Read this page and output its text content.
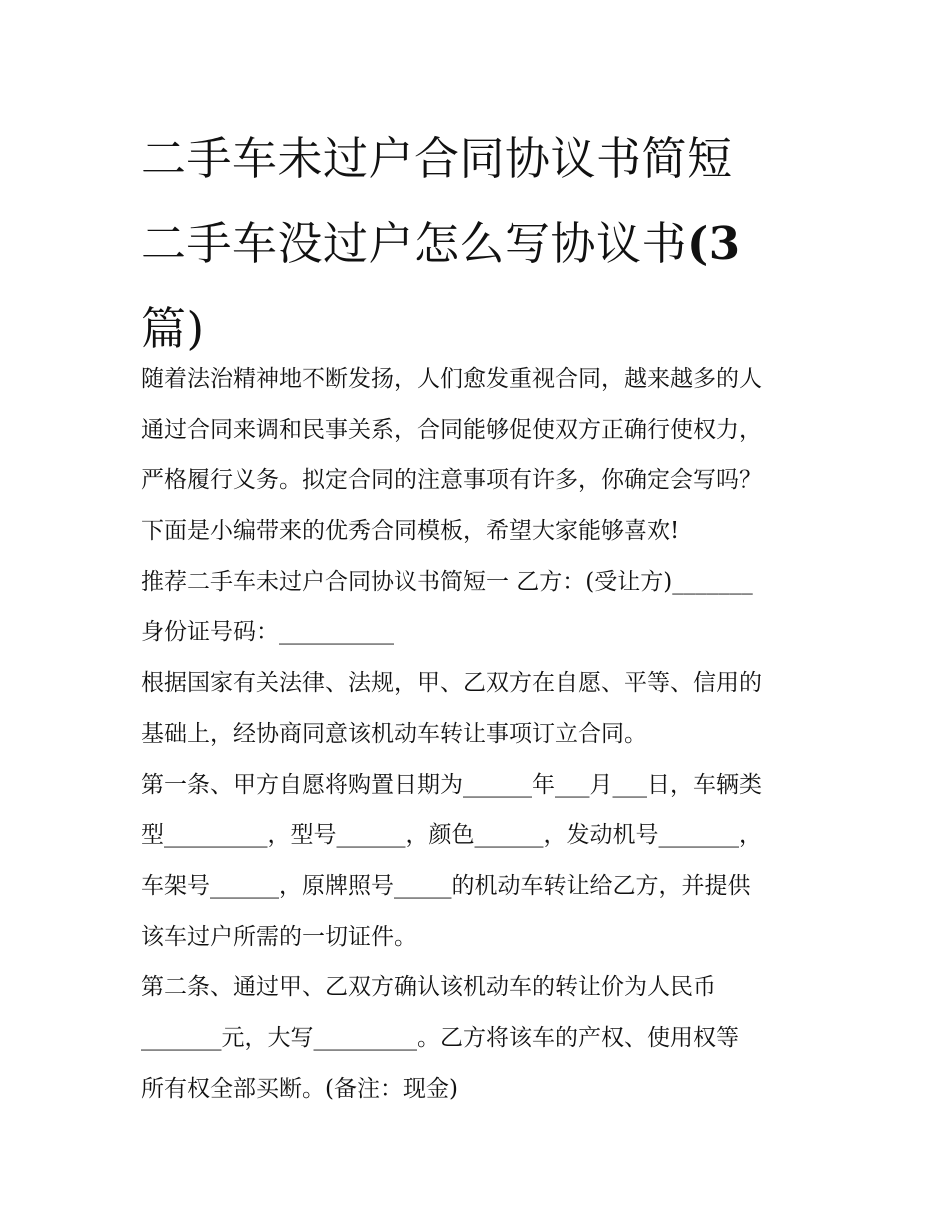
二手车未过户合同协议书简短
二手车没过户怎么写协议书(3
篇)
随着法治精神地不断发扬，人们愈发重视合同，越来越多的人
通过合同来调和民事关系，合同能够促使双方正确行使权力，
严格履行义务。拟定合同的注意事项有许多，你确定会写吗？
下面是小编带来的优秀合同模板，希望大家能够喜欢!
推荐二手车未过户合同协议书简短一 乙方：(受让方)_______
身份证号码：__________
根据国家有关法律、法规，甲、乙双方在自愿、平等、信用的
基础上，经协商同意该机动车转让事项订立合同。
第一条、甲方自愿将购置日期为______年___月___日，车辆类
型_________，型号______，颜色______，发动机号_______，
车架号______，原牌照号_____的机动车转让给乙方，并提供
该车过户所需的一切证件。
第二条、通过甲、乙双方确认该机动车的转让价为人民币
_______元，大写_________。乙方将该车的产权、使用权等
所有权全部买断。(备注：现金)
